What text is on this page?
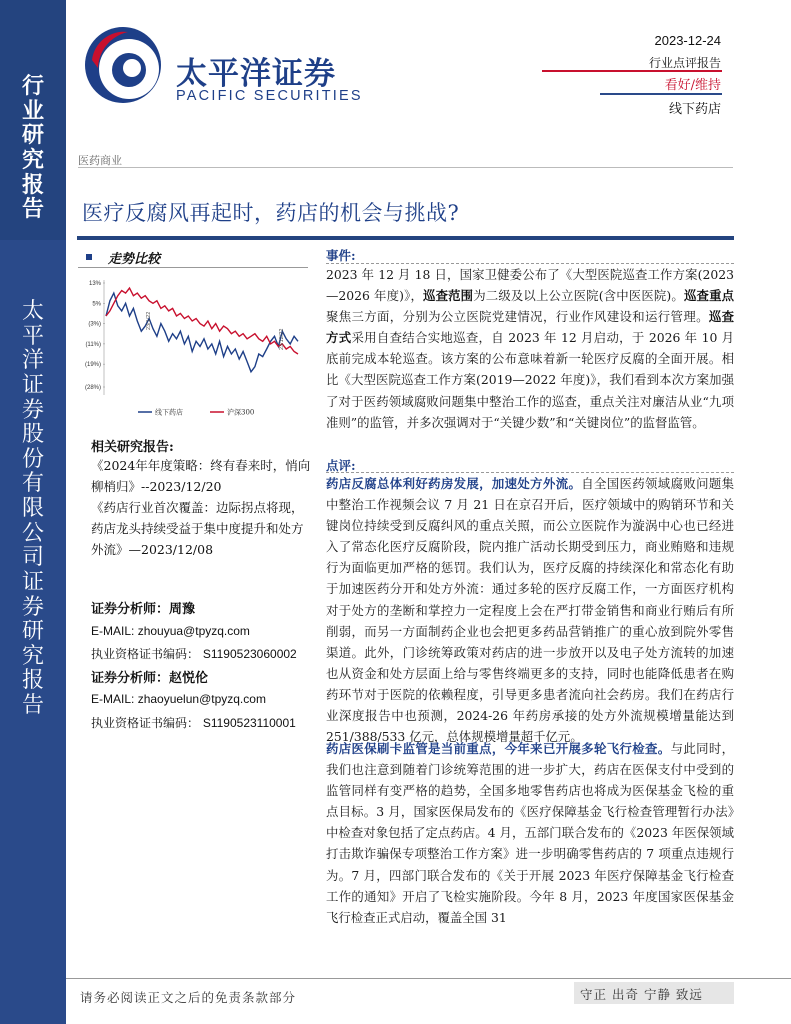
行业研究报告
太平洋证券股份有限公司证券研究报告
太平洋证券
PACIFIC SECURITIES
2023-12-24
行业点评报告
看好/维持
线下药店
医药商业
医疗反腐风再起时，药店的机会与挑战?
走势比较
13%
5%
(3%)
(11%)
(19%)
(28%)
23/1/22
23/12/22
线下药店	沪深300
相关研究报告:
《2024年年度策略：终有春来时，悄向柳梢归》--2023/12/20
《药店行业首次覆盖：边际拐点将现，药店龙头持续受益于集中度提升和处方外流》—2023/12/08
证券分析师：周豫
E-MAIL: zhouyua@tpyzq.com
执业资格证书编码： S1190523060002
证券分析师：赵悦伦
E-MAIL: zhaoyuelun@tpyzq.com
执业资格证书编码： S1190523110001
事件:
2023 年 12 月 18 日，国家卫健委公布了《大型医院巡查工作方案(2023—2026 年度)》，巡查范围为二级及以上公立医院(含中医医院)。巡查重点聚焦三方面，分别为公立医院党建情况，行业作风建设和运行管理。巡查方式采用自查结合实地巡查，自 2023 年 12 月启动，于 2026 年 10 月底前完成本轮巡查。该方案的公布意味着新一轮医疗反腐的全面开展。相比《大型医院巡查工作方案(2019—2022 年度)》，我们看到本次方案加强了对于医药领域腐败问题集中整治工作的巡查，重点关注对廉洁从业“九项准则”的监管，并多次强调对于“关键少数”和“关键岗位”的监督监管。
点评:
药店反腐总体利好药房发展，加速处方外流。自全国医药领域腐败问题集中整治工作视频会议 7 月 21 日在京召开后，医疗领域中的购销环节和关键岗位持续受到反腐纠风的重点关照，而公立医院作为漩涡中心也已经进入了常态化医疗反腐阶段，院内推广活动长期受到压力，商业贿赂和违规行为面临更加严格的惩罚。我们认为，医疗反腐的持续深化和常态化有助于加速医药分开和处方外流：通过多轮的医疗反腐工作，一方面医疗机构对于处方的垄断和掌控力一定程度上会在严打带金销售和商业行贿后有所削弱，而另一方面制药企业也会把更多药品营销推广的重心放到院外零售渠道。此外，门诊统筹政策对药店的进一步放开以及电子处方流转的加速也从资金和处方层面上给与零售终端更多的支持，同时也能降低患者在购药环节对于医院的依赖程度，引导更多患者流向社会药房。我们在药店行业深度报告中也预测，2024-26 年药房承接的处方外流规模增量能达到 251/388/533 亿元，总体规模增量超千亿元。
药店医保刷卡监管是当前重点，今年来已开展多轮飞行检查。与此同时，我们也注意到随着门诊统筹范围的进一步扩大，药店在医保支付中受到的监管同样有变严格的趋势，全国多地零售药店也将成为医保基金飞检的重点目标。3 月，国家医保局发布的《医疗保障基金飞行检查管理暂行办法》中检查对象包括了定点药店。4 月，五部门联合发布的《2023 年医保领域打击欺诈骗保专项整治工作方案》进一步明确零售药店的 7 项重点违规行为。7 月，四部门联合发布的《关于开展 2023 年医疗保障基金飞行检查工作的通知》开启了飞检实施阶段。今年 8 月，2023 年度国家医保基金飞行检查正式启动，覆盖全国 31
请务必阅读正文之后的免责条款部分	守正 出奇 宁静 致远
